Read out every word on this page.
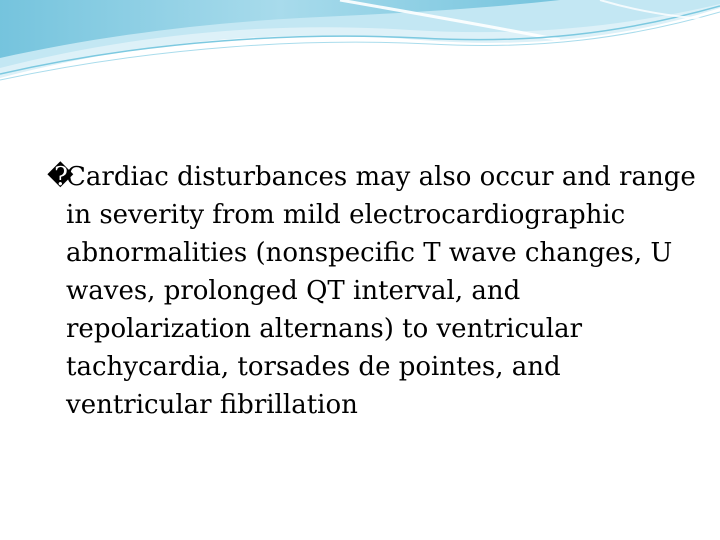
�Cardiac disturbances may also occur and range in severity from mild electrocardiographic abnormalities (nonspecific T wave changes, U waves, prolonged QT interval, and repolarization alternans) to ventricular tachycardia, torsades de pointes, and ventricular fibrillation
